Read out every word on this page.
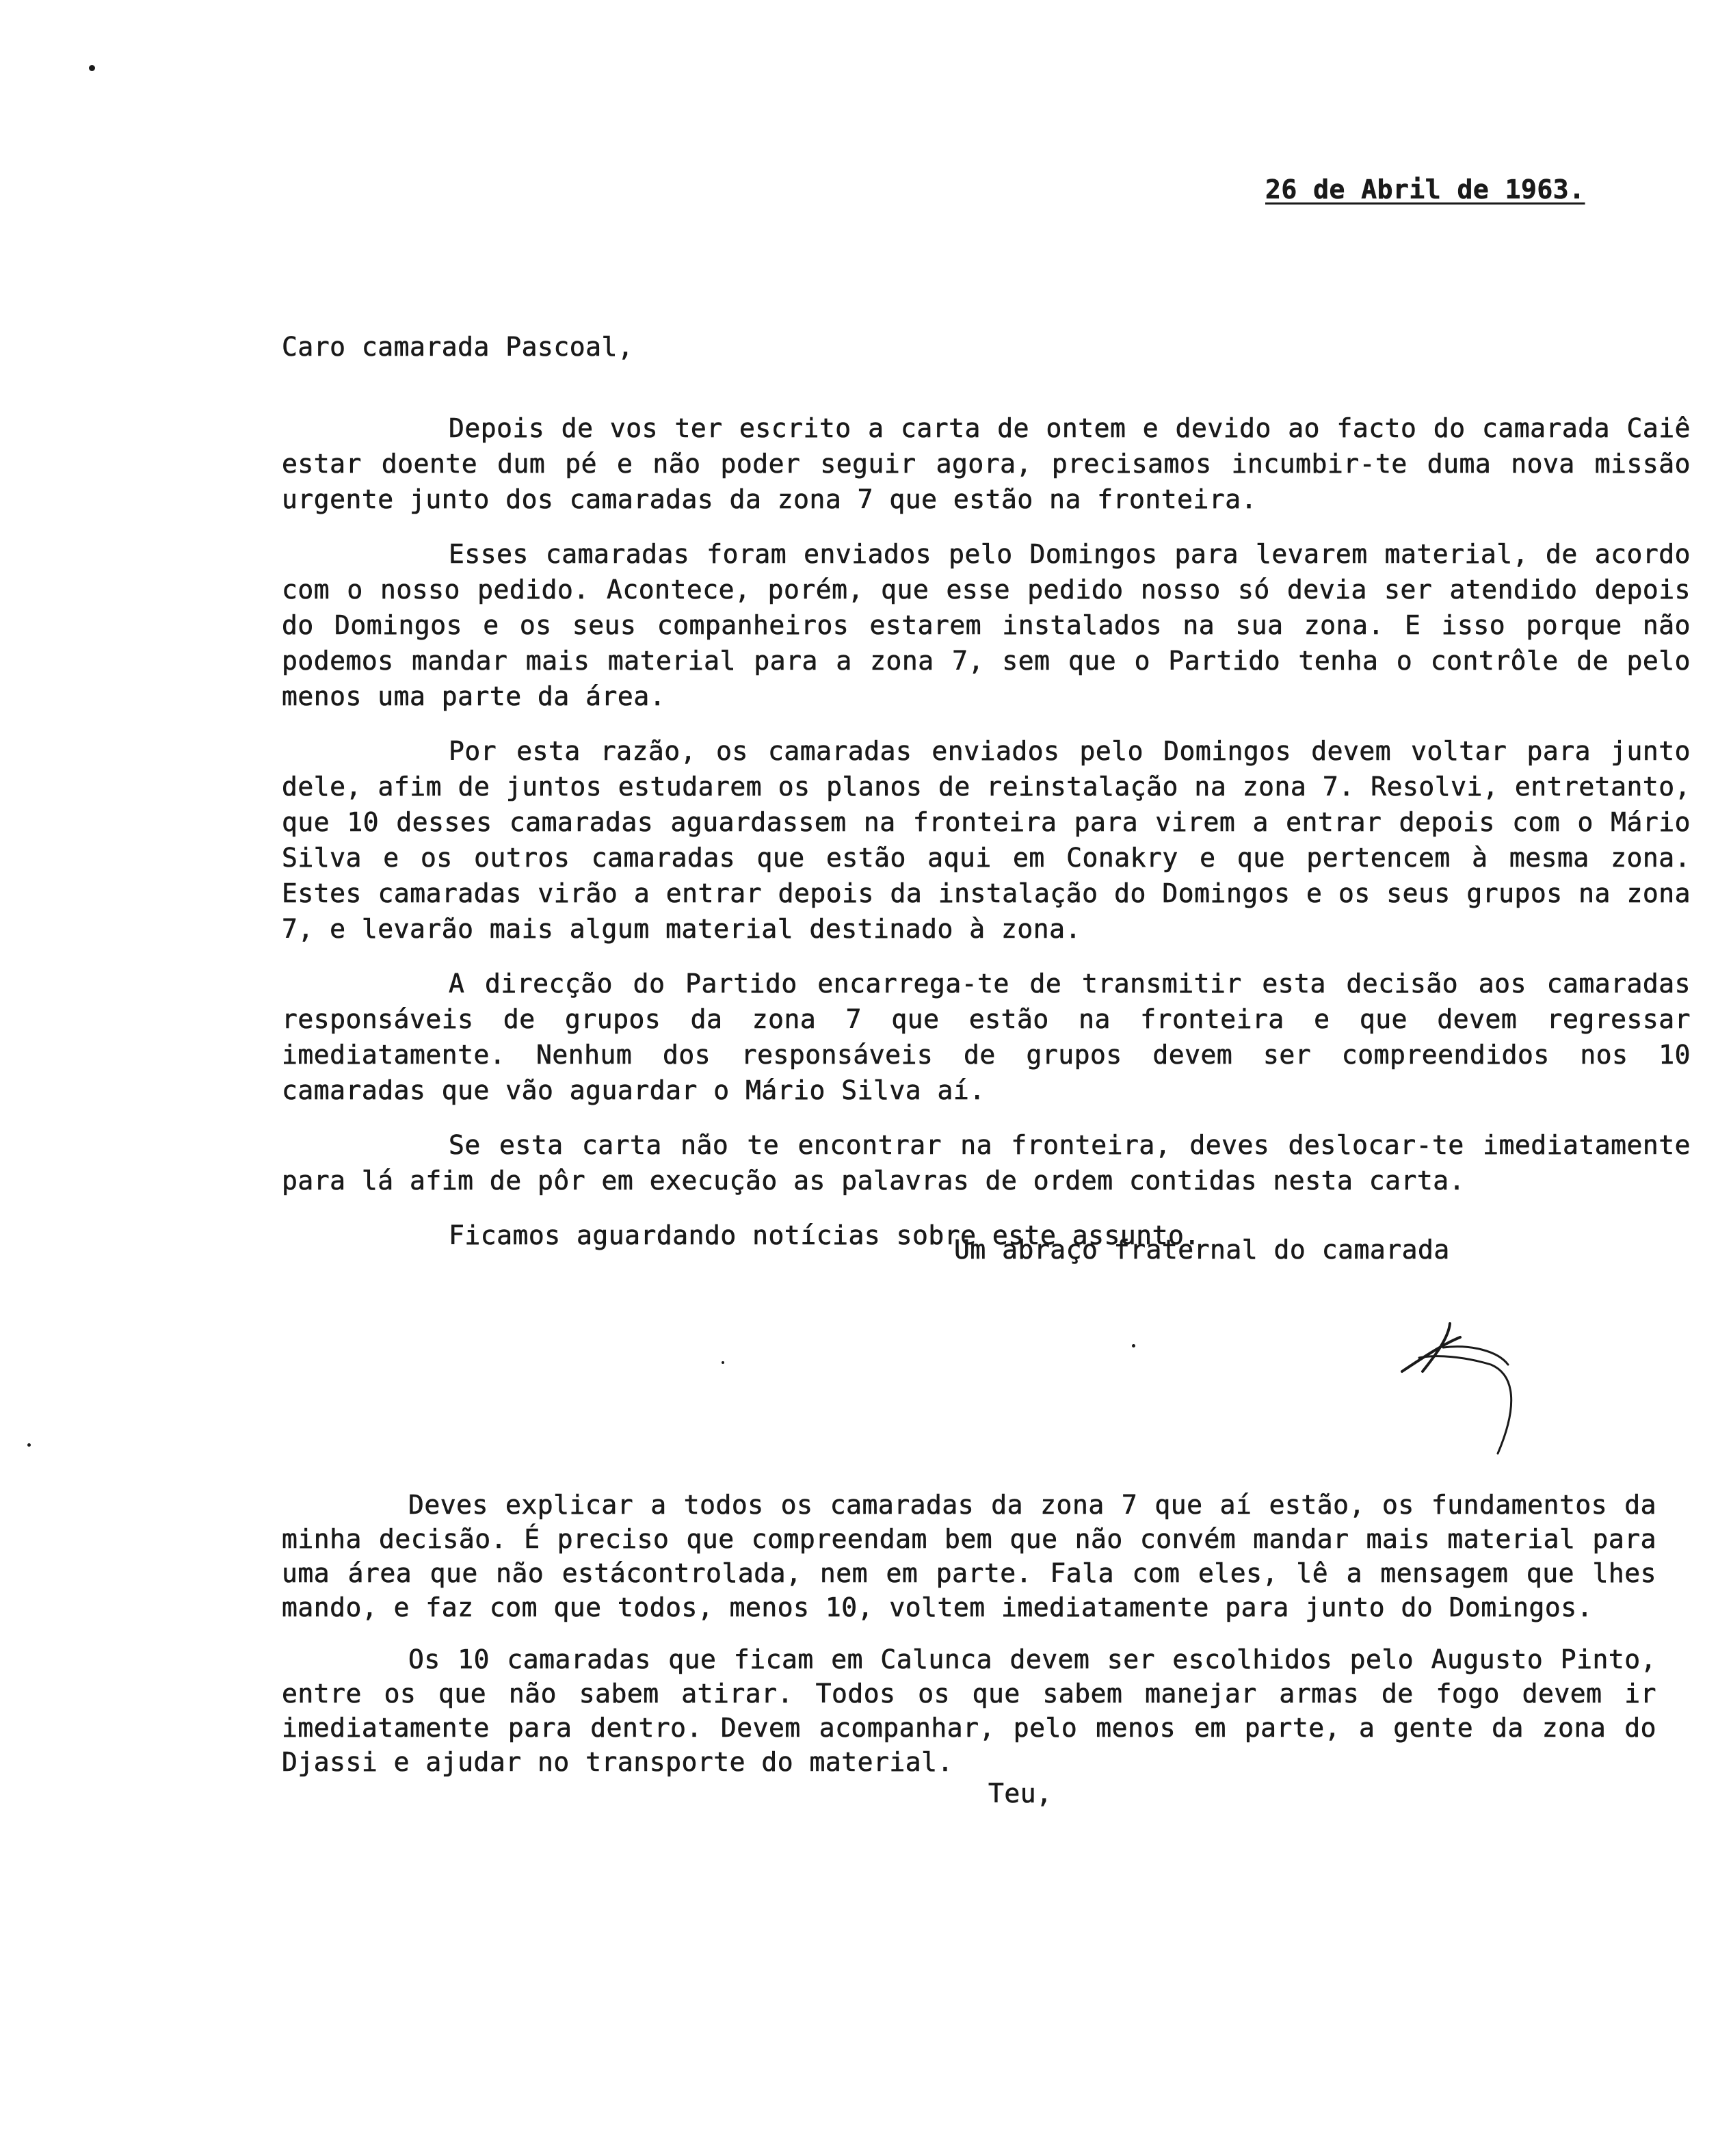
26 de Abril de 1963.
Caro camarada Pascoal,

Depois de vos ter escrito a carta de ontem e devido ao facto do camarada Caiê estar doente dum pé e não poder seguir agora, precisamos incumbir-te duma nova missão urgente junto dos camaradas da zona 7 que estão na fronteira.

Esses camaradas foram enviados pelo Domingos para levarem material, de acordo com o nosso pedido. Acontece, porém, que esse pedido nosso só devia ser atendido depois do Domingos e os seus companheiros estarem instalados na sua zona. E isso porque não podemos mandar mais material para a zona 7, sem que o Partido tenha o contrôle de pelo menos uma parte da área.

Por esta razão, os camaradas enviados pelo Domingos devem voltar para junto dele, afim de juntos estudarem os planos de reinstalação na zona 7. Resolvi, entretanto, que 10 desses camaradas aguardassem na fronteira para virem a entrar depois com o Mário Silva e os outros camaradas que estão aqui em Conakry e que pertencem à mesma zona. Estes camaradas virão a entrar depois da instalação do Domingos e os seus grupos na zona 7, e levarão mais algum material destinado à zona.

A direcção do Partido encarrega-te de transmitir esta decisão aos camaradas responsáveis de grupos da zona 7 que estão na fronteira e que devem regressar imediatamente. Nenhum dos responsáveis de grupos devem ser compreendidos nos 10 camaradas que vão aguardar o Mário Silva aí.

Se esta carta não te encontrar na fronteira, deves deslocar-te imediatamente para lá afim de pôr em execução as palavras de ordem contidas nesta carta.

Ficamos aguardando notícias sobre este assunto.

Um abraço fraternal do camarada

Deves explicar a todos os camaradas da zona 7 que aí estão, os fundamentos da minha decisão. É preciso que compreendam bem que não convém mandar mais material para uma área que não estácontrolada, nem em parte. Fala com eles, lê a mensagem que lhes mando, e faz com que todos, menos 10, voltem imediatamente para junto do Domingos.

Os 10 camaradas que ficam em Calunca devem ser escolhidos pelo Augusto Pinto, entre os que não sabem atirar. Todos os que sabem manejar armas de fogo devem ir imediatamente para dentro. Devem acompanhar, pelo menos em parte, a gente da zona do Djassi e ajudar no transporte do material.

Teu,
